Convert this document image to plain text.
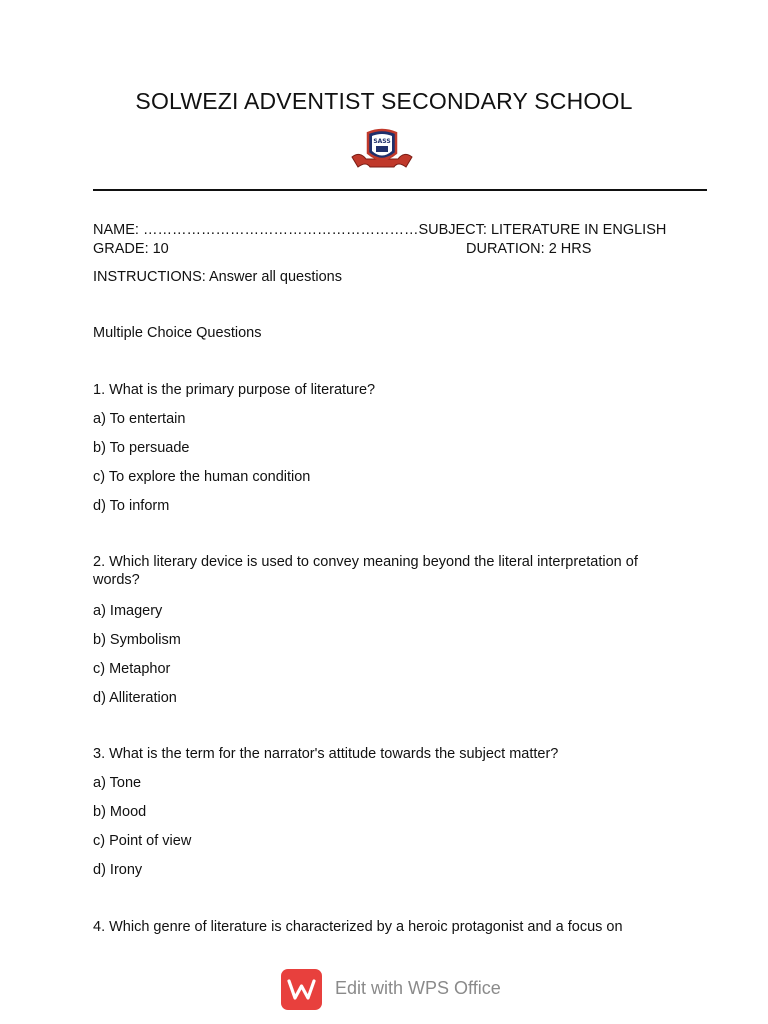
SOLWEZI ADVENTIST SECONDARY SCHOOL
SASS
NAME: …………………………………………………SUBJECT: LITERATURE IN ENGLISH
GRADE: 10	DURATION: 2 HRS
INSTRUCTIONS: Answer all questions
Multiple Choice Questions
1. What is the primary purpose of literature?
a) To entertain
b) To persuade
c) To explore the human condition
d) To inform
2. Which literary device is used to convey meaning beyond the literal interpretation of words?
a) Imagery
b) Symbolism
c) Metaphor
d) Alliteration
3. What is the term for the narrator's attitude towards the subject matter?
a) Tone
b) Mood
c) Point of view
d) Irony
4. Which genre of literature is characterized by a heroic protagonist and a focus on
Edit with WPS Office
